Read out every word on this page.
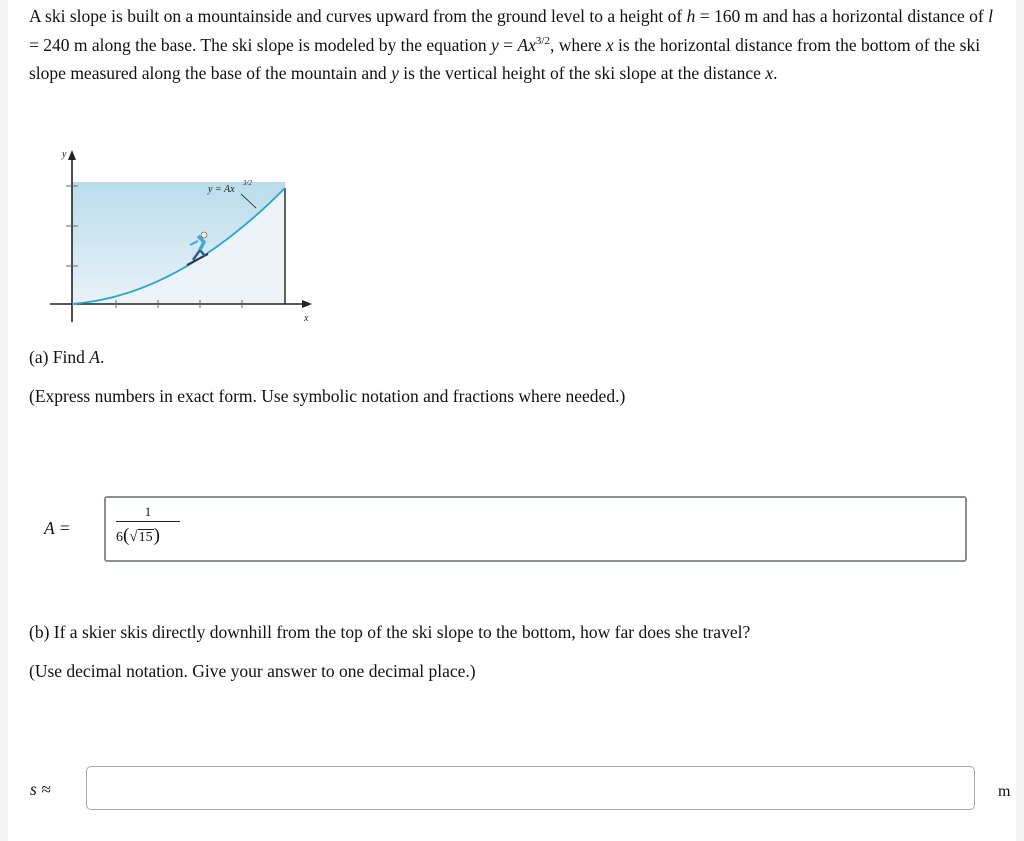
A ski slope is built on a mountainside and curves upward from the ground level to a height of h = 160 m and has a horizontal distance of l = 240 m along the base. The ski slope is modeled by the equation $y = Ax^{3/2}$, where x is the horizontal distance from the bottom of the ski slope measured along the base of the mountain and y is the vertical height of the ski slope at the distance x.

y
x
y = Ax
3/2

(a) Find A.

(Express numbers in exact form. Use symbolic notation and fractions where needed.)

A =
1
6(√15)

(b) If a skier skis directly downhill from the top of the ski slope to the bottom, how far does she travel?

(Use decimal notation. Give your answer to one decimal place.)

s ≈	m
